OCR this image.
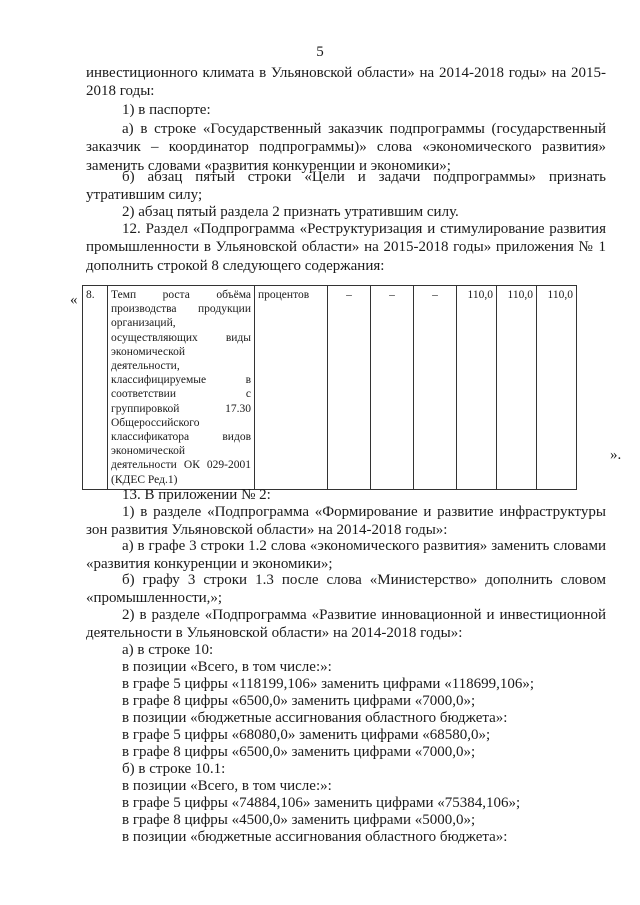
5

инвестиционного климата в Ульяновской области» на 2014-2018 годы» на 2015-2018 годы:

1) в паспорте:

а) в строке «Государственный заказчик подпрограммы (государственный заказчик – координатор подпрограммы)» слова «экономического развития» заменить словами «развития конкуренции и экономики»;

б) абзац пятый строки «Цели и задачи подпрограммы» признать утратившим силу;

2) абзац пятый раздела 2 признать утратившим силу.

12. Раздел «Подпрограмма «Реструктуризация и стимулирование развития промышленности в Ульяновской области» на 2015-2018 годы» приложения № 1 дополнить строкой 8 следующего содержания:

« 8.	Темп роста объёма производства продукции организаций, осуществляющих виды экономической деятельности, классифицируемые в соответствии с группировкой 17.30 Общероссийского классификатора видов экономической деятельности ОК 029-2001 (КДЕС Ред.1)	процентов	–	–	–	110,0	110,0	110,0
».

13. В приложении № 2:

1) в разделе «Подпрограмма «Формирование и развитие инфраструктуры зон развития Ульяновской области» на 2014-2018 годы»:

а) в графе 3 строки 1.2 слова «экономического развития» заменить словами «развития конкуренции и экономики»;

б) графу 3 строки 1.3 после слова «Министерство» дополнить словом «промышленности,»;

2) в разделе «Подпрограмма «Развитие инновационной и инвестиционной деятельности в Ульяновской области» на 2014-2018 годы»:

а) в строке 10:

в позиции «Всего, в том числе:»:

в графе 5 цифры «118199,106» заменить цифрами «118699,106»;

в графе 8 цифры «6500,0» заменить цифрами «7000,0»;

в позиции «бюджетные ассигнования областного бюджета»:

в графе 5 цифры «68080,0» заменить цифрами «68580,0»;

в графе 8 цифры «6500,0» заменить цифрами «7000,0»;

б) в строке 10.1:

в позиции «Всего, в том числе:»:

в графе 5 цифры «74884,106» заменить цифрами «75384,106»;

в графе 8 цифры «4500,0» заменить цифрами «5000,0»;

в позиции «бюджетные ассигнования областного бюджета»:
